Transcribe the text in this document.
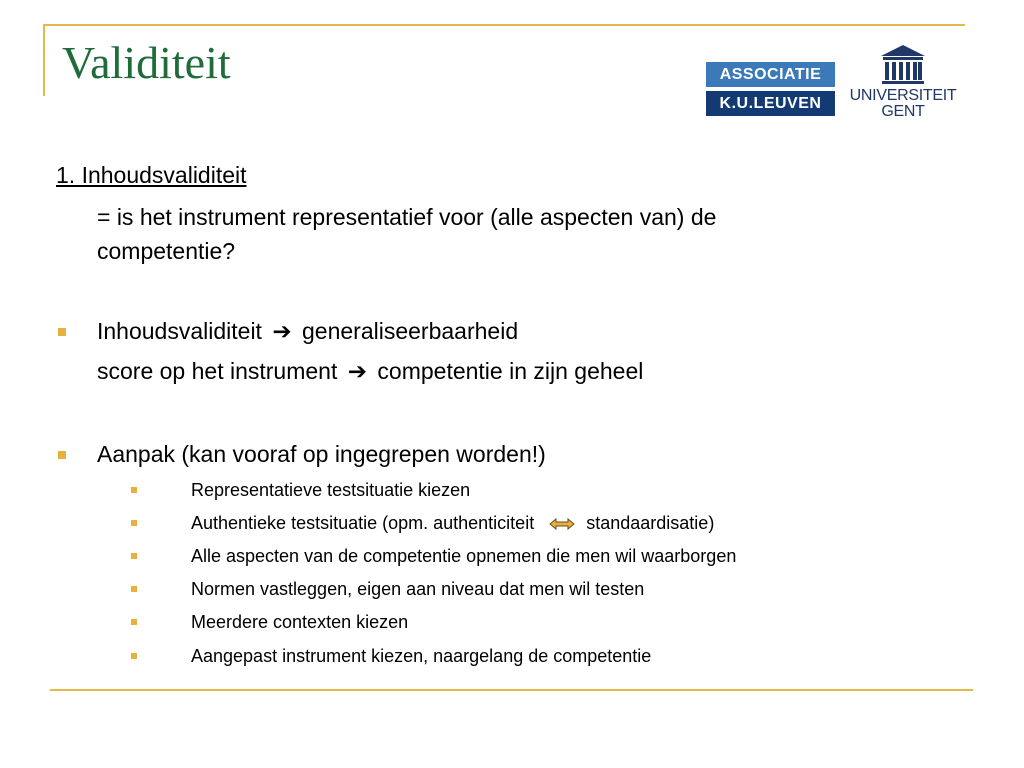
Validiteit	ASSOCIATIE
K.U.LEUVEN	UNIVERSITEIT
GENT
1. Inhoudsvaliditeit
= is het instrument representatief voor (alle aspecten van) de
competentie?
Inhoudsvaliditeit ➔ generaliseerbaarheid
score op het instrument ➔ competentie in zijn geheel
Aanpak (kan vooraf op ingegrepen worden!)
Representatieve testsituatie kiezen
Authentieke testsituatie (opm. authenticiteit	standaardisatie)
Alle aspecten van de competentie opnemen die men wil waarborgen
Normen vastleggen, eigen aan niveau dat men wil testen
Meerdere contexten kiezen
Aangepast instrument kiezen, naargelang de competentie
